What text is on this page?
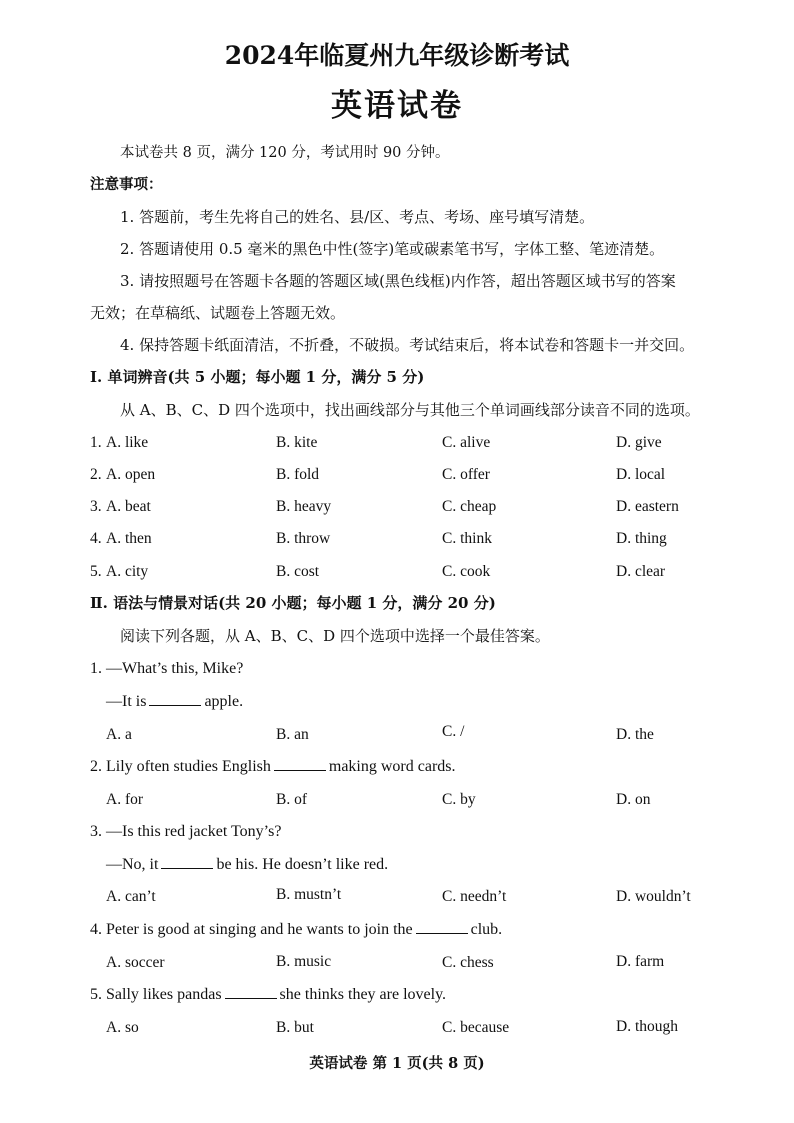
2024年临夏州九年级诊断考试
英语试卷
本试卷共 8 页，满分 120 分，考试用时 90 分钟。
注意事项：
1. 答题前，考生先将自己的姓名、县/区、考点、考场、座号填写清楚。
2. 答题请使用 0.5 毫米的黑色中性(签字)笔或碳素笔书写，字体工整、笔迹清楚。
3. 请按照题号在答题卡各题的答题区域(黑色线框)内作答，超出答题区域书写的答案
无效；在草稿纸、试题卷上答题无效。
4. 保持答题卡纸面清洁，不折叠，不破损。考试结束后，将本试卷和答题卡一并交回。
Ⅰ. 单词辨音(共 5 小题；每小题 1 分，满分 5 分)
从 A、B、C、D 四个选项中，找出画线部分与其他三个单词画线部分读音不同的选项。
1. A. like	B. kite	C. alive	D. give
2. A. open	B. fold	C. offer	D. local
3. A. beat	B. heavy	C. cheap	D. eastern
4. A. then	B. throw	C. think	D. thing
5. A. city	B. cost	C. cook	D. clear
Ⅱ. 语法与情景对话(共 20 小题；每小题 1 分，满分 20 分)
阅读下列各题，从 A、B、C、D 四个选项中选择一个最佳答案。
1. —What’s this, Mike?
—It is	apple.
A. a	B. an	C. /	D. the
2. Lily often studies English	making word cards.
A. for	B. of	C. by	D. on
3. —Is this red jacket Tony’s?
—No, it	be his. He doesn’t like red.
A. can’t	B. mustn’t	C. needn’t	D. wouldn’t
4. Peter is good at singing and he wants to join the	club.
A. soccer	B. music	C. chess	D. farm
5. Sally likes pandas	she thinks they are lovely.
A. so	B. but	C. because	D. though
英语试卷 第 1 页(共 8 页)
